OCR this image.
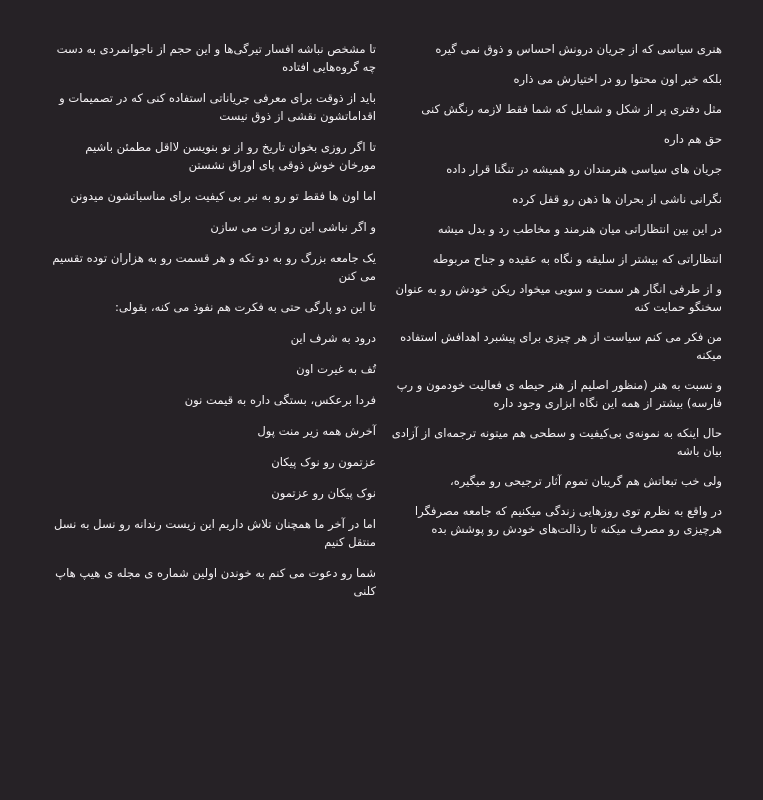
هنری سیاسی که از جریان درونش احساس و ذوق نمی گیره

بلکه خبر اون محتوا رو در اختیارش می ذاره

مثل دفتری پر از شکل و شمایل که شما فقط لازمه رنگش کنی

حق هم داره

جریان های سیاسی هنرمندان رو همیشه در تنگنا قرار داده

نگرانی ناشی از بحران ها ذهن رو قفل کرده

در این بین انتظاراتی میان هنرمند و مخاطب رد و بدل میشه

انتظاراتی که بیشتر از سلیقه و نگاه به عقیده و جناح مربوطه

و از طرفی انگار هر سمت و سویی میخواد ریکن خودش رو به عنوان سخنگو حمایت کنه

من فکر می کنم سیاست از هر چیزی برای پیشبرد اهدافش استفاده میکنه

و نسبت به هنر (منظور اصلیم از هنر حیطه ی فعالیت خودمون و رپ فارسه) بیشتر از همه این نگاه ابزاری وجود داره

حال اینکه به نمونه‌ی بی‌کیفیت و سطحی هم میتونه ترجمه‌ای از آزادی بیان باشه

ولی خب تبعاتش هم گریبان تموم آثار ترجیحی رو میگیره،

در واقع به نظرم توی روزهایی زندگی میکنیم که جامعه مصرفگرا هرچیزی رو مصرف میکنه تا رذالت‌های خودش رو پوشش بده

تا مشخص نباشه افسار تیرگی‌ها و این حجم از ناجوانمردی به دست چه گروه‌هایی افتاده

باید از ذوقت برای معرفی جریاناتی استفاده کنی که در تصمیمات و اقداماتشون نقشی از ذوق نیست

تا اگر روزی بخوان تاریخ رو از نو بنویسن لااقل مطمئن باشیم مورخان خوش ذوقی پای اوراق نشستن

اما اون ها فقط تو رو به نبر بی کیفیت برای مناسباتشون میدونن

و اگر نباشی این رو ازت می سازن

یک جامعه بزرگ رو به دو تکه و هر قسمت رو به هزاران توده تقسیم می کنن

تا این دو پارگی حتی به فکرت هم نفوذ می کنه، بقولی:

درود به شرف این

تُف به غیرت اون

فردا برعکس، بستگی داره به قیمت نون

آخرش همه زیر منت پول

عزتمون رو نوک پیکان

نوک پیکان رو عزتمون

اما در آخر ما همچنان تلاش داریم این زیست رندانه رو نسل به نسل منتقل کنیم

شما رو دعوت می کنم به خوندن اولین شماره ی مجله ی هیپ هاپ کلنی
